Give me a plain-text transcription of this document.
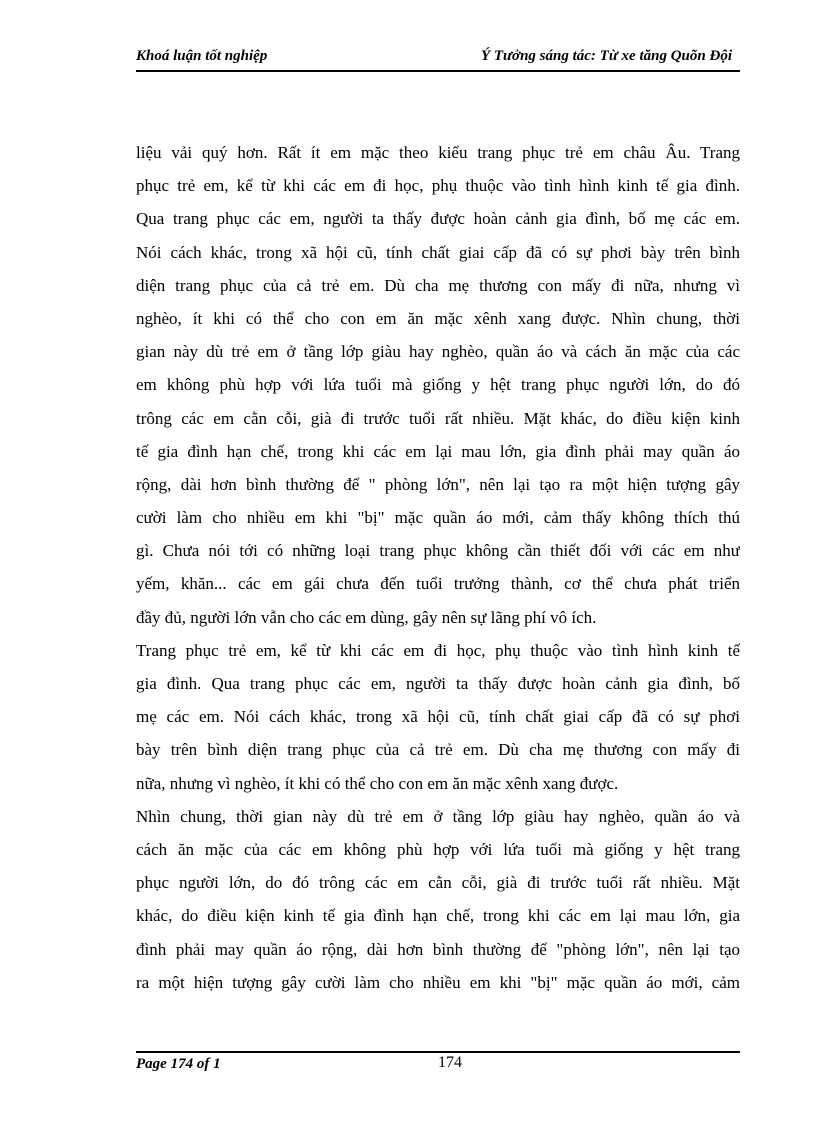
Khoá luận tốt nghiệp	Ý Tưởng sáng tác: Từ xe tăng Quõn Đội
liệu vải quý hơn. Rất ít em mặc theo kiểu trang phục trẻ em châu Âu. Trang
phục trẻ em, kể từ khi các em đi học, phụ thuộc vào tình hình kinh tế gia đình.
Qua trang phục các em, người ta thấy được hoàn cảnh gia đình, bố mẹ các em.
Nói cách khác, trong xã hội cũ, tính chất giai cấp đã có sự phơi bày trên bình
diện trang phục của cả trẻ em. Dù cha mẹ thương con mấy đi nữa, nhưng vì
nghèo, ít khi có thể cho con em ăn mặc xênh xang được. Nhìn chung, thời
gian này dù trẻ em ở tầng lớp giàu hay nghèo, quần áo và cách ăn mặc của các
em không phù hợp với lứa tuổi mà giống y hệt trang phục người lớn, do đó
trông các em cằn cỗi, già đi trước tuổi rất nhiều. Mặt khác, do điều kiện kinh
tế gia đình hạn chế, trong khi các em lại mau lớn, gia đình phải may quần áo
rộng, dài hơn bình thường để " phòng lớn", nên lại tạo ra một hiện tượng gây
cười làm cho nhiều em khi "bị" mặc quần áo mới, cảm thấy không thích thú
gì. Chưa nói tới có những loại trang phục không cần thiết đối với các em như
yếm, khăn... các em gái chưa đến tuổi trưởng thành, cơ thể chưa phát triển
đầy đủ, người lớn vẫn cho các em dùng, gây nên sự lãng phí vô ích.
Trang phục trẻ em, kể từ khi các em đi học, phụ thuộc vào tình hình kinh tế
gia đình. Qua trang phục các em, người ta thấy được hoàn cảnh gia đình, bố
mẹ các em. Nói cách khác, trong xã hội cũ, tính chất giai cấp đã có sự phơi
bày trên bình diện trang phục của cả trẻ em. Dù cha mẹ thương con mấy đi
nữa, nhưng vì nghèo, ít khi có thể cho con em ăn mặc xênh xang được.
Nhìn chung, thời gian này dù trẻ em ở tầng lớp giàu hay nghèo, quần áo và
cách ăn mặc của các em không phù hợp với lứa tuổi mà giống y hệt trang
phục người lớn, do đó trông các em cằn cỗi, già đi trước tuổi rất nhiều. Mặt
khác, do điều kiện kinh tế gia đình hạn chế, trong khi các em lại mau lớn, gia
đình phải may quần áo rộng, dài hơn bình thường để "phòng lớn", nên lại tạo
ra một hiện tượng gây cười làm cho nhiều em khi "bị" mặc quần áo mới, cảm
Page 174 of 1	174
